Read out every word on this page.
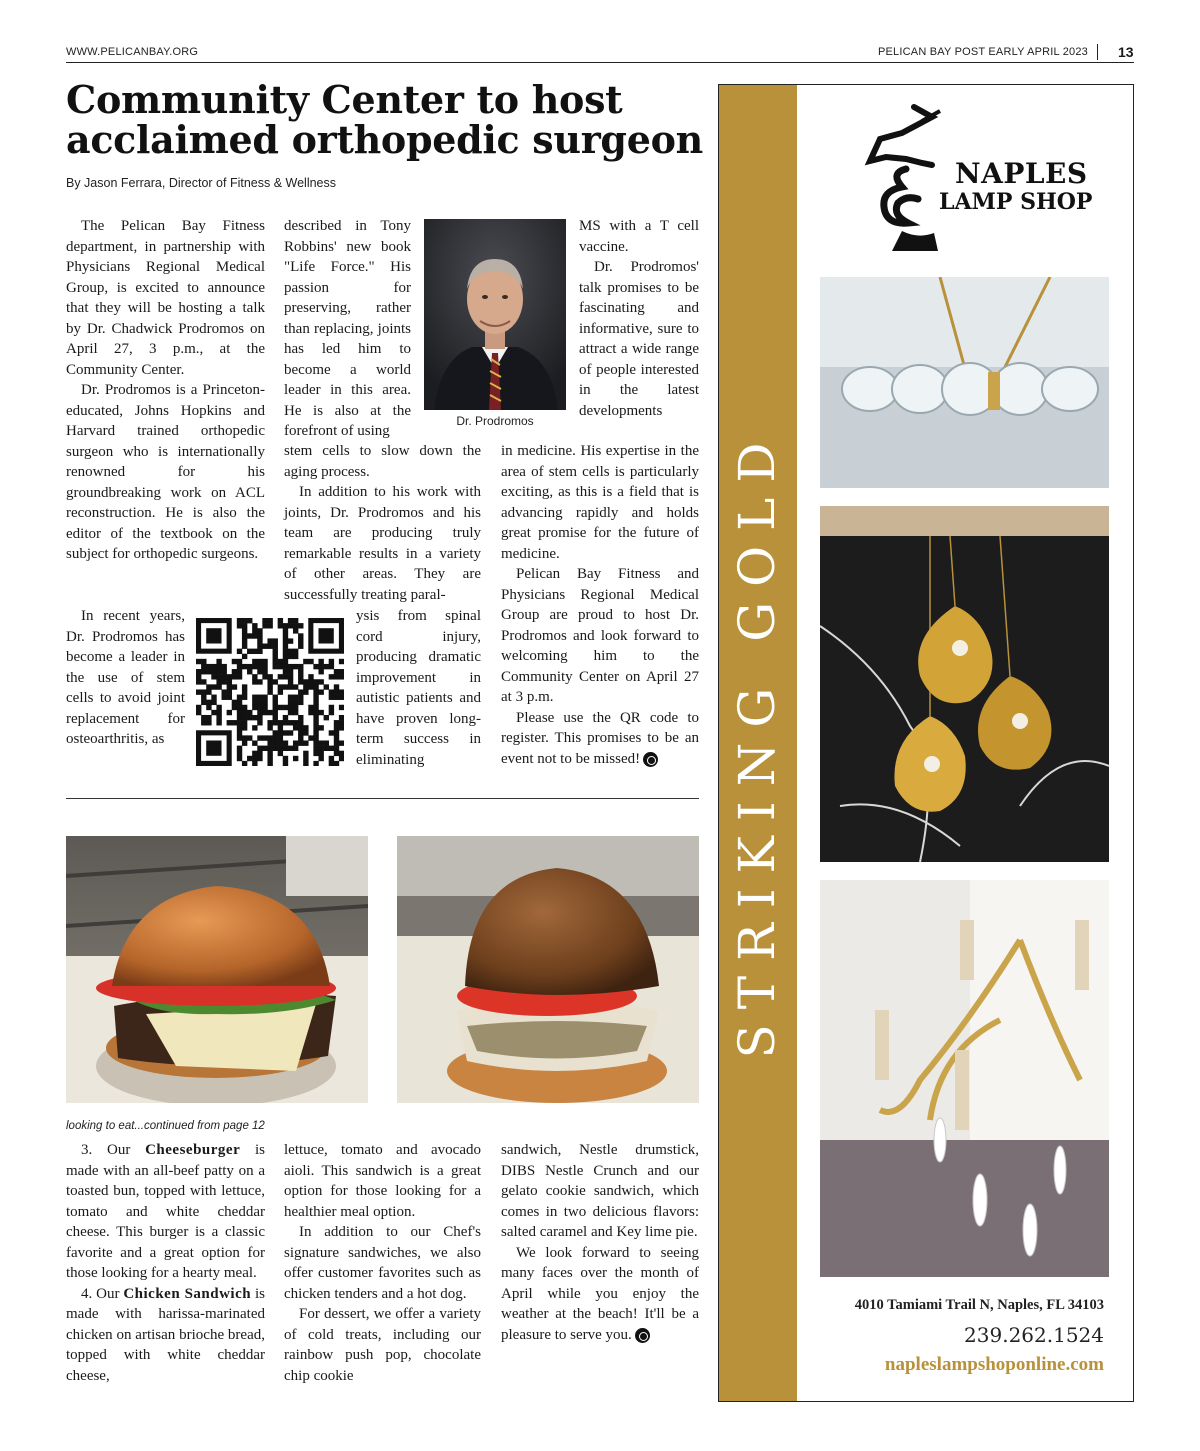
WWW.PELICANBAY.ORG	PELICAN BAY POST EARLY APRIL 2023 13
Community Center to host acclaimed orthopedic surgeon
By Jason Ferrara, Director of Fitness & Wellness

The Pelican Bay Fitness department, in partnership with Physicians Regional Medical Group, is excited to announce that they will be hosting a talk by Dr. Chadwick Prodromos on April 27, 3 p.m., at the Community Center.

Dr. Prodromos is a Princeton-educated, Johns Hopkins and Harvard trained orthopedic surgeon who is internationally renowned for his groundbreaking work on ACL reconstruction. He is also the editor of the textbook on the subject for orthopedic surgeons.

In recent years, Dr. Prodromos has become a leader in the use of stem cells to avoid joint replacement for osteoarthritis, as

described in Tony Robbins' new book "Life Force." His passion for preserving, rather than replacing, joints has led him to become a world leader in this area. He is also at the forefront of using

stem cells to slow down the aging process.

In addition to his work with joints, Dr. Prodromos and his team are producing truly remarkable results in a variety of other areas. They are successfully treating paral-

ysis from spinal cord injury, producing dramatic improvement in autistic patients and have proven long-term success in eliminating

Dr. Prodromos

MS with a T cell vaccine.

Dr. Prodromos' talk promises to be fascinating and informative, sure to attract a wide range of people interested in the latest developments

in medicine. His expertise in the area of stem cells is particularly exciting, as this is a field that is advancing rapidly and holds great promise for the future of medicine.

Pelican Bay Fitness and Physicians Regional Medical Group are proud to host Dr. Prodromos and look forward to welcoming him to the Community Center on April 27 at 3 p.m.

Please use the QR code to register. This promises to be an event not to be missed!

looking to eat...continued from page 12

3. Our Cheeseburger is made with an all-beef patty on a toasted bun, topped with lettuce, tomato and white cheddar cheese. This burger is a classic favorite and a great option for those looking for a hearty meal.

4. Our Chicken Sandwich is made with harissa-marinated chicken on artisan brioche bread, topped with white cheddar cheese,

lettuce, tomato and avocado aioli. This sandwich is a great option for those looking for a healthier meal option.

In addition to our Chef's signature sandwiches, we also offer customer favorites such as chicken tenders and a hot dog.

For dessert, we offer a variety of cold treats, including our rainbow push pop, chocolate chip cookie

sandwich, Nestle drumstick, DIBS Nestle Crunch and our gelato cookie sandwich, which comes in two delicious flavors: salted caramel and Key lime pie.

We look forward to seeing many faces over the month of April while you enjoy the weather at the beach! It'll be a pleasure to serve you.

STRIKING GOLD
NAPLES
LAMP SHOP
4010 Tamiami Trail N, Naples, FL 34103
239.262.1524
napleslampshoponline.com
